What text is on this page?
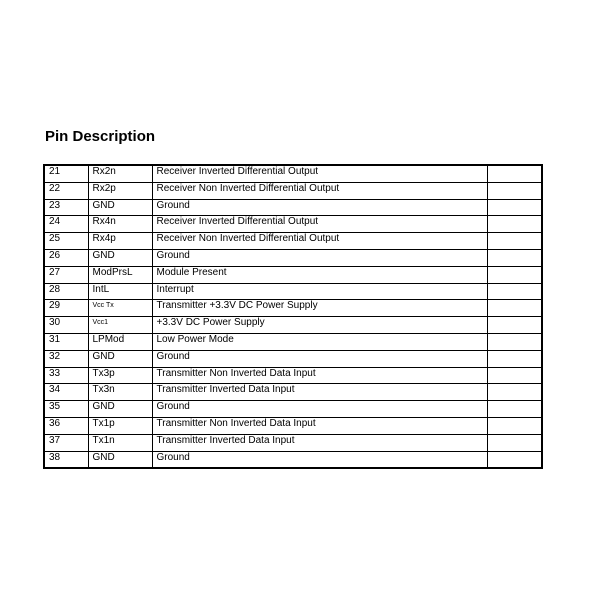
Pin Description
21	Rx2n	Receiver Inverted Differential Output	
22	Rx2p	Receiver Non Inverted Differential Output	
23	GND	Ground	
24	Rx4n	Receiver Inverted Differential Output	
25	Rx4p	Receiver Non Inverted Differential Output	
26	GND	Ground	
27	ModPrsL	Module Present	
28	IntL	Interrupt	
29	Vcc Tx	Transmitter +3.3V DC Power Supply	
30	Vcc1	+3.3V DC Power Supply	
31	LPMod	Low Power Mode	
32	GND	Ground	
33	Tx3p	Transmitter Non Inverted Data Input	
34	Tx3n	Transmitter Inverted Data Input	
35	GND	Ground	
36	Tx1p	Transmitter Non Inverted Data Input	
37	Tx1n	Transmitter Inverted Data Input	
38	GND	Ground	
